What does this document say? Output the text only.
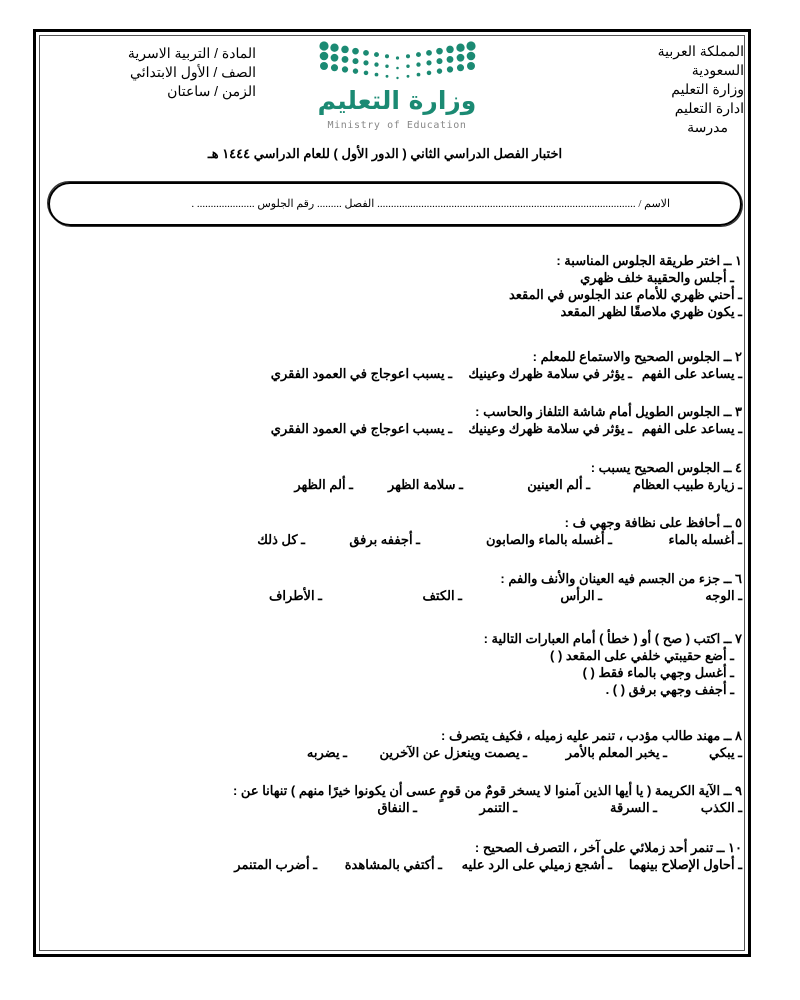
المملكة العربية
السعودية
وزارة التعليم
ادارة التعليم
مدرسة
المادة / التربية الاسرية
الصف / الأول الابتدائي
الزمن / ساعتان وزارة التعليم
Ministry of Education
اختبار الفصل الدراسي الثاني ( الدور الأول ) للعام الدراسي ١٤٤٤ هـ
الاسم / .............................................................................................. الفصل ......... رقم الجلوس ..................... .
١ ــ اختر طريقة الجلوس المناسبة :
ـ أجلس والحقيبة خلف ظهري
ـ أحني ظهري للأمام عند الجلوس في المقعد
ـ يكون ظهري ملاصقًا لظهر المقعد
٢ ــ الجلوس الصحيح والاستماع للمعلم :
ـ يساعد على الفهم
ـ يؤثر في سلامة ظهرك وعينيك
ـ يسبب اعوجاج في العمود الفقري
٣ ــ الجلوس الطويل أمام شاشة التلفاز والحاسب :
ـ يساعد على الفهم
ـ يؤثر في سلامة ظهرك وعينيك
ـ يسبب اعوجاج في العمود الفقري
٤ ــ الجلوس الصحيح يسبب :
ـ زيارة طبيب العظام
ـ ألم العينين
ـ سلامة الظهر
ـ ألم الظهر
٥ ــ أحافظ على نظافة وجهي ف :
ـ أغسله بالماء
ـ أغسله بالماء والصابون
ـ أجففه برفق
ـ كل ذلك
٦ ــ جزء من الجسم فيه العينان والأنف والفم :
ـ الوجه
ـ الرأس
ـ الكتف
ـ الأطراف
٧ ــ اكتب ( صح ) أو ( خطأ ) أمام العبارات التالية :
ـ أضع حقيبتي خلفي على المقعد ( )
ـ أغسل وجهي بالماء فقط ( )
ـ أجفف وجهي برفق ( ) .
٨ ــ مهند طالب مؤدب ، تنمر عليه زميله ، فكيف يتصرف :
ـ يبكي
ـ يخبر المعلم بالأمر
ـ يصمت وينعزل عن الآخرين
ـ يضربه
٩ ــ الآية الكريمة ( يا أيها الذين آمنوا لا يسخر قومٌ من قومٍ عسى أن يكونوا خيرًا منهم ) تنهانا عن :
ـ الكذب
ـ السرقة
ـ التنمر
ـ النفاق
١٠ ــ تنمر أحد زملائي على آخر ، التصرف الصحيح :
ـ أحاول الإصلاح بينهما
ـ أشجع زميلي على الرد عليه
ـ أكتفي بالمشاهدة
ـ أضرب المتنمر
